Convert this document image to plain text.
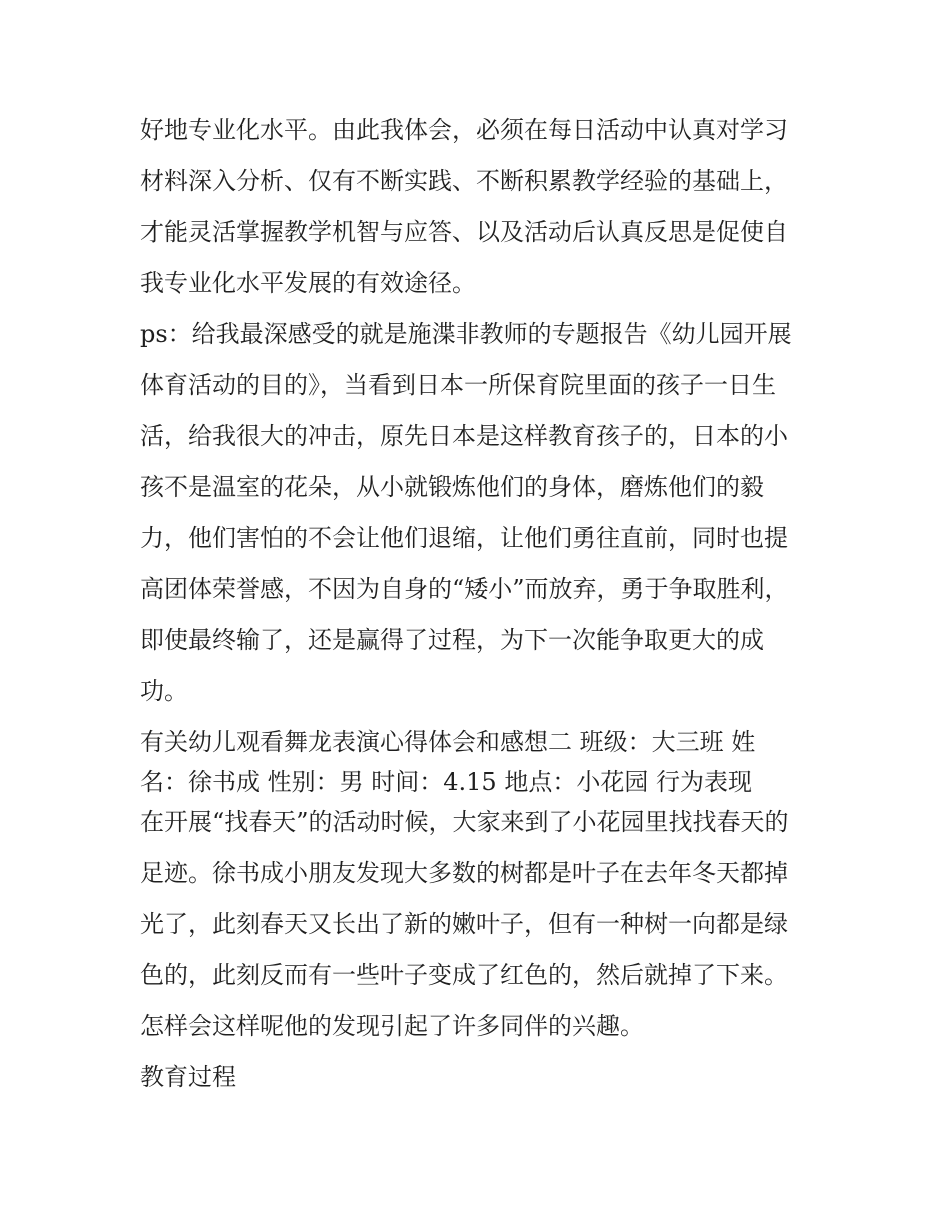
好地专业化水平。由此我体会，必须在每日活动中认真对学习
材料深入分析、仅有不断实践、不断积累教学经验的基础上，
才能灵活掌握教学机智与应答、以及活动后认真反思是促使自
我专业化水平发展的有效途径。
ps：给我最深感受的就是施渫非教师的专题报告《幼儿园开展
体育活动的目的》，当看到日本一所保育院里面的孩子一日生
活，给我很大的冲击，原先日本是这样教育孩子的，日本的小
孩不是温室的花朵，从小就锻炼他们的身体，磨炼他们的毅
力，他们害怕的不会让他们退缩，让他们勇往直前，同时也提
高团体荣誉感，不因为自身的“矮小”而放弃，勇于争取胜利，
即使最终输了，还是赢得了过程，为下一次能争取更大的成
功。
有关幼儿观看舞龙表演心得体会和感想二 班级：大三班 姓
名：徐书成 性别：男 时间：4.15 地点：小花园 行为表现
在开展“找春天”的活动时候，大家来到了小花园里找找春天的
足迹。徐书成小朋友发现大多数的树都是叶子在去年冬天都掉
光了，此刻春天又长出了新的嫩叶子，但有一种树一向都是绿
色的，此刻反而有一些叶子变成了红色的，然后就掉了下来。
怎样会这样呢他的发现引起了许多同伴的兴趣。
教育过程
